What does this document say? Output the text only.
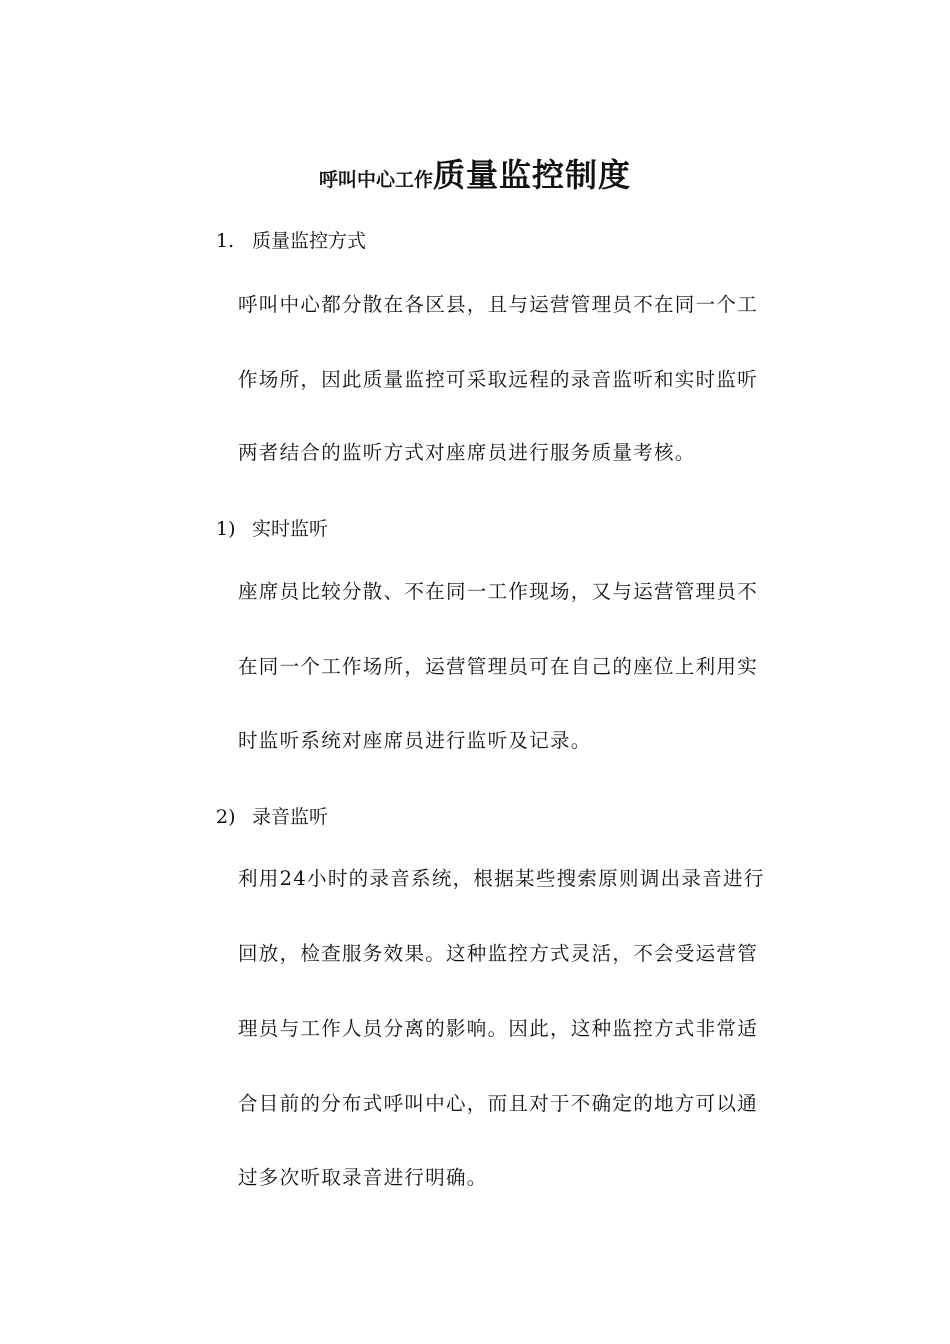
呼叫中心工作质量监控制度
1. 质量监控方式
呼叫中心都分散在各区县，且与运营管理员不在同一个工
作场所，因此质量监控可采取远程的录音监听和实时监听
两者结合的监听方式对座席员进行服务质量考核。
1) 实时监听
座席员比较分散、不在同一工作现场，又与运营管理员不
在同一个工作场所，运营管理员可在自己的座位上利用实
时监听系统对座席员进行监听及记录。
2) 录音监听
利用24小时的录音系统，根据某些搜索原则调出录音进行
回放，检查服务效果。这种监控方式灵活，不会受运营管
理员与工作人员分离的影响。因此，这种监控方式非常适
合目前的分布式呼叫中心，而且对于不确定的地方可以通
过多次听取录音进行明确。
